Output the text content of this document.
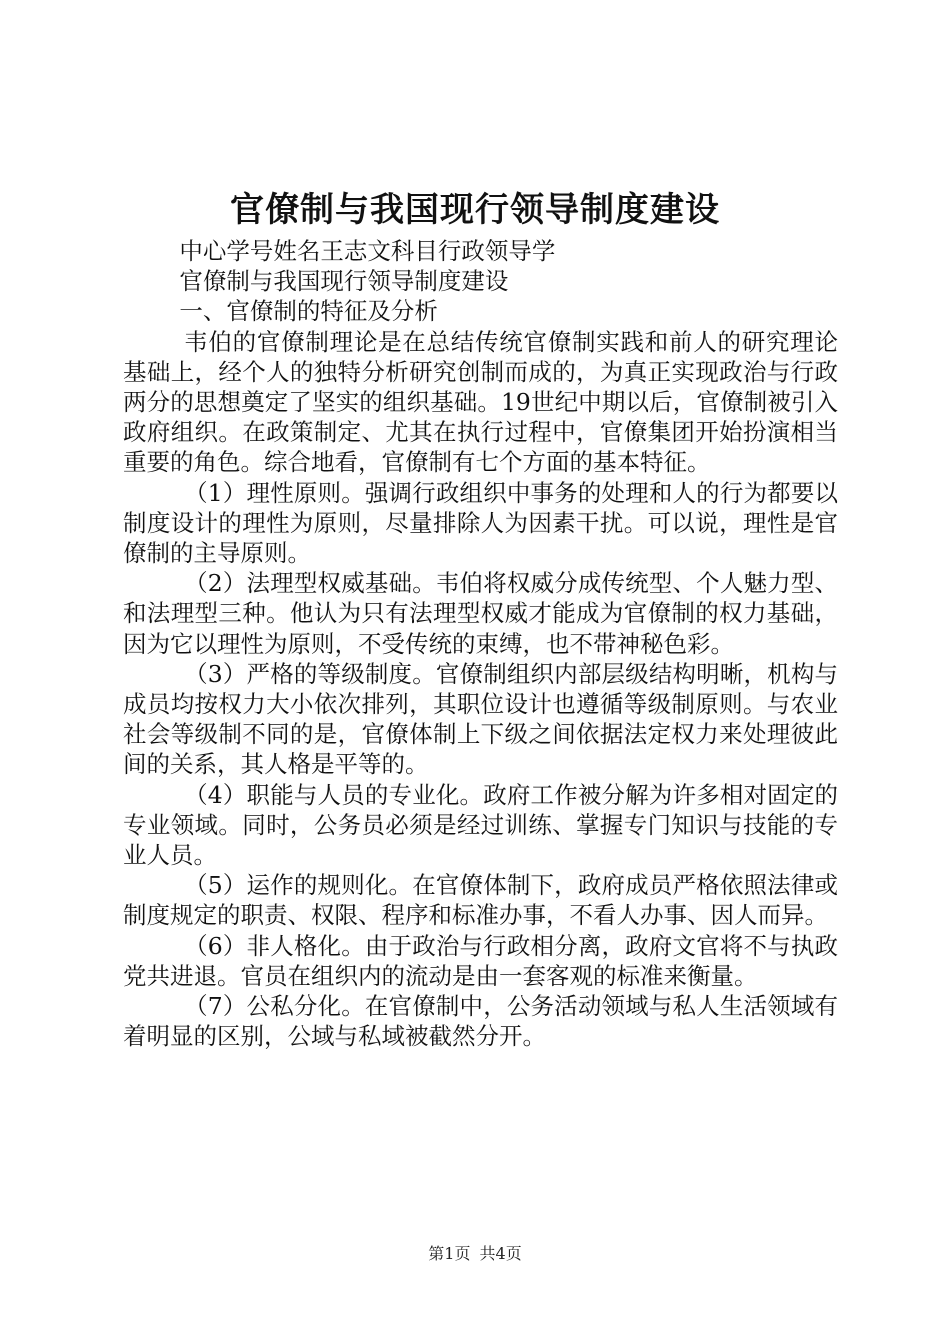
官僚制与我国现行领导制度建设

中心学号姓名王志文科目行政领导学

官僚制与我国现行领导制度建设

一、官僚制的特征及分析

韦伯的官僚制理论是在总结传统官僚制实践和前人的研究理论基础上，经个人的独特分析研究创制而成的，为真正实现政治与行政两分的思想奠定了坚实的组织基础。19世纪中期以后，官僚制被引入政府组织。在政策制定、尤其在执行过程中，官僚集团开始扮演相当重要的角色。综合地看，官僚制有七个方面的基本特征。

（1）理性原则。强调行政组织中事务的处理和人的行为都要以制度设计的理性为原则，尽量排除人为因素干扰。可以说，理性是官僚制的主导原则。

（2）法理型权威基础。韦伯将权威分成传统型、个人魅力型、和法理型三种。他认为只有法理型权威才能成为官僚制的权力基础，因为它以理性为原则，不受传统的束缚，也不带神秘色彩。

（3）严格的等级制度。官僚制组织内部层级结构明晰，机构与成员均按权力大小依次排列，其职位设计也遵循等级制原则。与农业社会等级制不同的是，官僚体制上下级之间依据法定权力来处理彼此间的关系，其人格是平等的。

（4）职能与人员的专业化。政府工作被分解为许多相对固定的专业领域。同时，公务员必须是经过训练、掌握专门知识与技能的专业人员。

（5）运作的规则化。在官僚体制下，政府成员严格依照法律或制度规定的职责、权限、程序和标准办事，不看人办事、因人而异。

（6）非人格化。由于政治与行政相分离，政府文官将不与执政党共进退。官员在组织内的流动是由一套客观的标准来衡量。

（7）公私分化。在官僚制中，公务活动领域与私人生活领域有着明显的区别，公域与私域被截然分开。

第1页 共4页
